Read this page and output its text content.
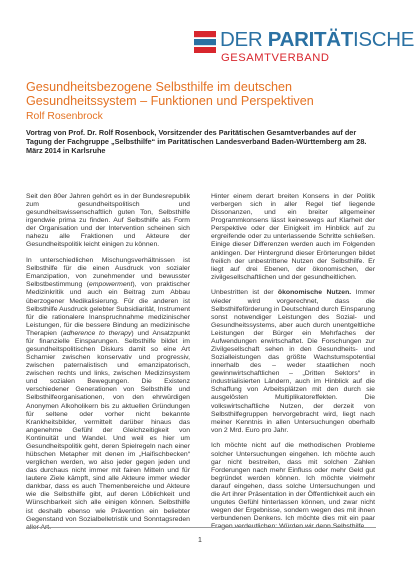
DER PARITÄTISCHE
GESAMTVERBAND
Gesundheitsbezogene Selbsthilfe im deutschen Gesundheitssystem – Funktionen und Perspektiven
Rolf Rosenbrock
Vortrag von Prof. Dr. Rolf Rosenbock, Vorsitzender des Paritätischen Gesamtverbandes auf der Tagung der Fachgruppe „Selbsthilfe“ im Paritätischen Landesverband Baden-Württemberg am 28. März 2014 in Karlsruhe

Seit den 80er Jahren gehört es in der Bundesrepublik zum gesundheitspolitisch und gesundheitswissenschaftlich guten Ton, Selbsthilfe irgendwie prima zu finden. Auf Selbsthilfe als Form der Organisation und der Intervention scheinen sich nahezu alle Fraktionen und Akteure der Gesundheitspolitik leicht einigen zu können.

In unterschiedlichen Mischungsverhältnissen ist Selbsthilfe für die einen Ausdruck von sozialer Emanzipation, von zunehmender und bewusster Selbstbestimmung (empowerment), von praktischer Medizinkritik und auch ein Beitrag zum Abbau überzogener Medikalisierung. Für die anderen ist Selbsthilfe Ausdruck gelebter Subsidiarität, Instrument für die rationalere Inanspruchnahme medizinischer Leistungen, für die bessere Bindung an medizinische Therapien (adherence to therapy) und Ansatzpunkt für finanzielle Einsparungen. Selbsthilfe bildet im gesundheitspolitischen Diskurs damit so eine Art Scharnier zwischen konservativ und progressiv, zwischen paternalistisch und emanzipatorisch, zwischen rechts und links, zwischen Medizinsystem und sozialen Bewegungen. Die Existenz verschiedener Generationen von Selbsthilfe und Selbsthilfeorganisationen, von den ehrwürdigen Anonymen Alkoholikern bis zu aktuellen Gründungen für seltene oder vorher nicht bekannte Krankheitsbilder, vermittelt darüber hinaus das angenehme Gefühl der Gleichzeitigkeit von Kontinuität und Wandel. Und weil es hier um Gesundheitspolitik geht, deren Spielregeln nach einer hübschen Metapher mit denen im „Haifischbecken“ verglichen werden, wo also jeder gegen jeden und das durchaus nicht immer mit fairen Mitteln und für lautere Ziele kämpft, sind alle Akteure immer wieder dankbar, dass es auch Themenbereiche und Akteure wie die Selbsthilfe gibt, auf deren Löblichkeit und Wünschbarkeit sich alle einigen können. Selbsthilfe ist deshalb ebenso wie Prävention ein beliebter Gegenstand von Sozialbelletristik und Sonntagsreden aller Art.

Hinter einem derart breiten Konsens in der Politik verbergen sich in aller Regel tief liegende Dissonanzen, und ein breiter allgemeiner Programmkonsens lässt keineswegs auf Klarheit der Perspektive oder der Einigkeit im Hinblick auf zu ergreifende oder zu unterlassende Schritte schließen. Einige dieser Differenzen werden auch im Folgenden anklingen. Der Hintergrund dieser Erörterungen bildet freilich der unbestrittene Nutzen der Selbsthilfe. Er liegt auf drei Ebenen, der ökonomischen, der zivilgesellschaftlichen und der gesundheitlichen.

Unbestritten ist der ökonomische Nutzen. Immer wieder wird vorgerechnet, dass die Selbsthilfeförderung in Deutschland durch Einsparung sonst notwendiger Leistungen des Sozial- und Gesundheitssystems, aber auch durch unentgeltliche Leistungen der Bürger ein Mehrfaches der Aufwendungen erwirtschaftet. Die Forschungen zur Zivilgesellschaft sehen in den Gesundheits- und Sozialleistungen das größte Wachstumspotential innerhalb des – weder staatlichen noch gewinnwirtschaftlichen – „Dritten Sektors“ in industrialisierten Ländern, auch im Hinblick auf die Schaffung von Arbeitsplätzen mit den durch sie ausgelösten Multiplikatoreffekten. Die volkswirtschaftliche Nutzen, der derzeit von Selbsthilfegruppen hervorgebracht wird, liegt nach meiner Kenntnis in allen Untersuchungen oberhalb von 2 Mrd. Euro pro Jahr.

Ich möchte nicht auf die methodischen Probleme solcher Untersuchungen eingehen. Ich möchte auch gar nicht bestreiten, dass mit solchen Zahlen Forderungen nach mehr Einfluss oder mehr Geld gut begründet werden können. Ich möchte vielmehr darauf eingehen, dass solche Untersuchungen und die Art ihrer Präsentation in der Öffentlichkeit auch ein ungutes Gefühl hinterlassen können, und zwar nicht wegen der Ergebnisse, sondern wegen des mit ihnen verbundenen Denkens. Ich möchte dies mit ein paar Fragen verdeutlichen: Würden wir denn Selbsthilfe

1
